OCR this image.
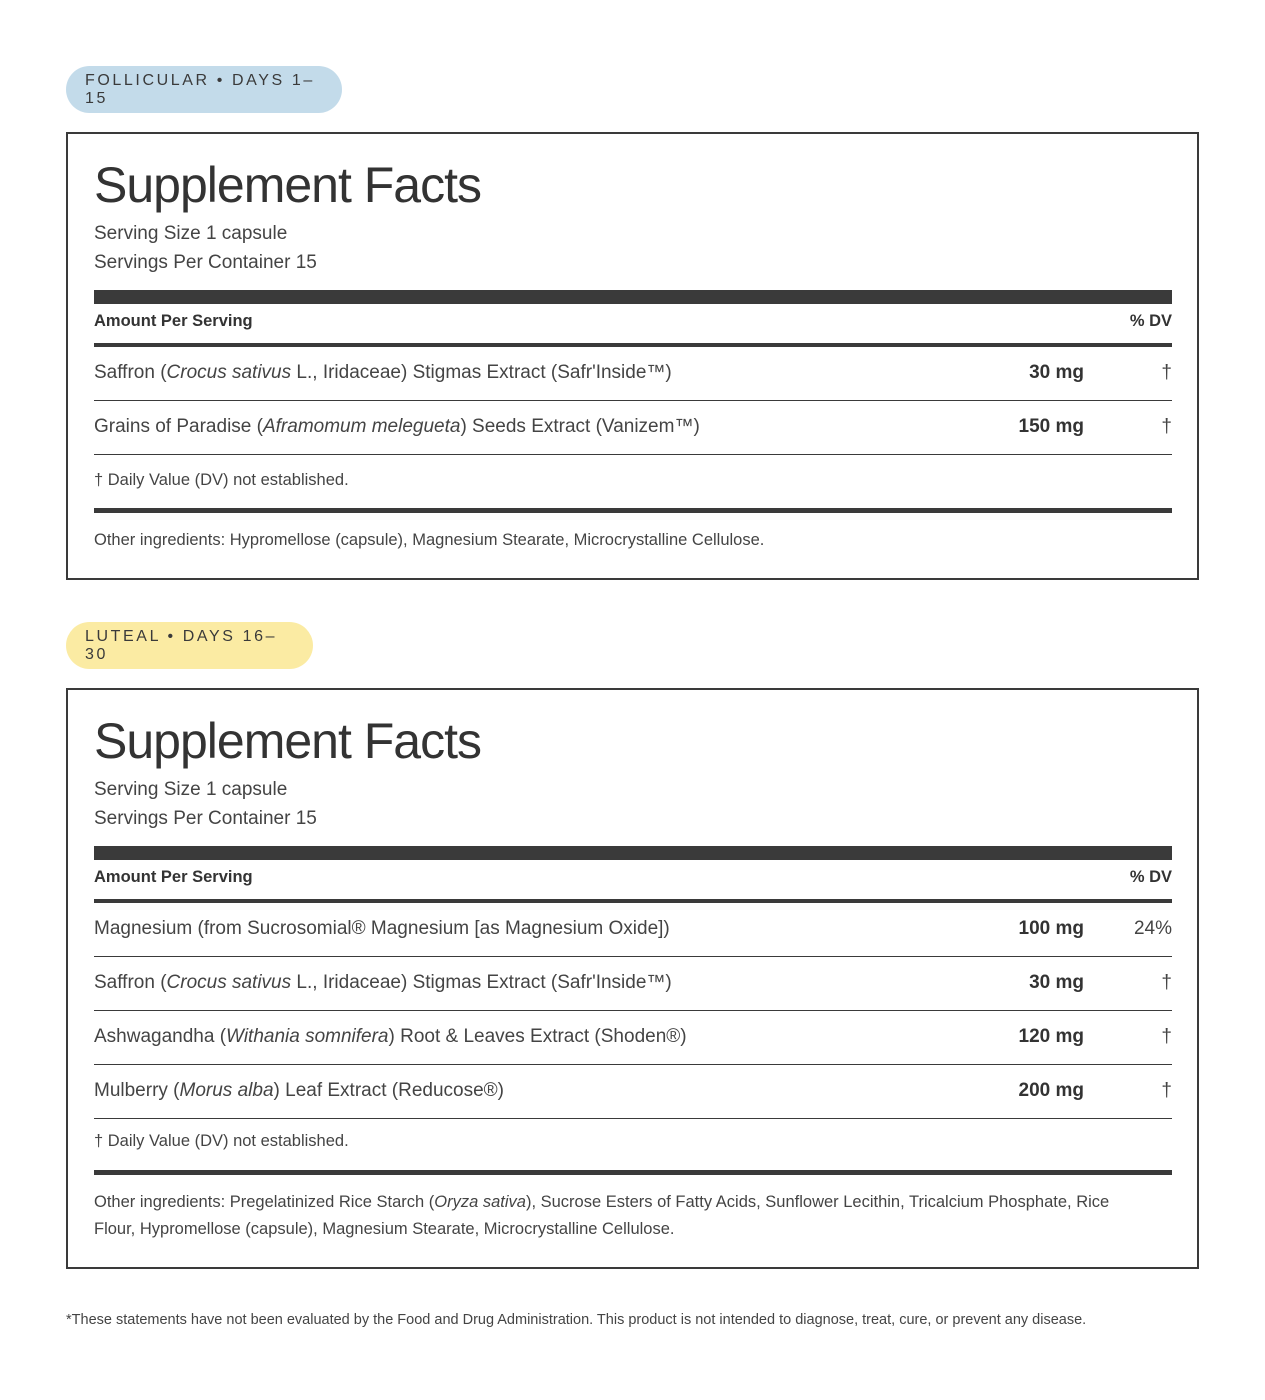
FOLLICULAR • DAYS 1–15
Supplement Facts
Serving Size 1 capsule
Servings Per Container 15
Amount Per Serving	% DV
Saffron (Crocus sativus L., Iridaceae) Stigmas Extract (Safr'Inside™)	30 mg	†
Grains of Paradise (Aframomum melegueta) Seeds Extract (Vanizem™)	150 mg	†
† Daily Value (DV) not established.
Other ingredients: Hypromellose (capsule), Magnesium Stearate, Microcrystalline Cellulose.
LUTEAL • DAYS 16–30
Supplement Facts
Serving Size 1 capsule
Servings Per Container 15
Amount Per Serving	% DV
Magnesium (from Sucrosomial® Magnesium [as Magnesium Oxide])	100 mg	24%
Saffron (Crocus sativus L., Iridaceae) Stigmas Extract (Safr'Inside™)	30 mg	†
Ashwagandha (Withania somnifera) Root & Leaves Extract (Shoden®)	120 mg	†
Mulberry (Morus alba) Leaf Extract (Reducose®)	200 mg	†
† Daily Value (DV) not established.
Other ingredients: Pregelatinized Rice Starch (Oryza sativa), Sucrose Esters of Fatty Acids, Sunflower Lecithin, Tricalcium Phosphate, Rice Flour, Hypromellose (capsule), Magnesium Stearate, Microcrystalline Cellulose.
*These statements have not been evaluated by the Food and Drug Administration. This product is not intended to diagnose, treat, cure, or prevent any disease.
